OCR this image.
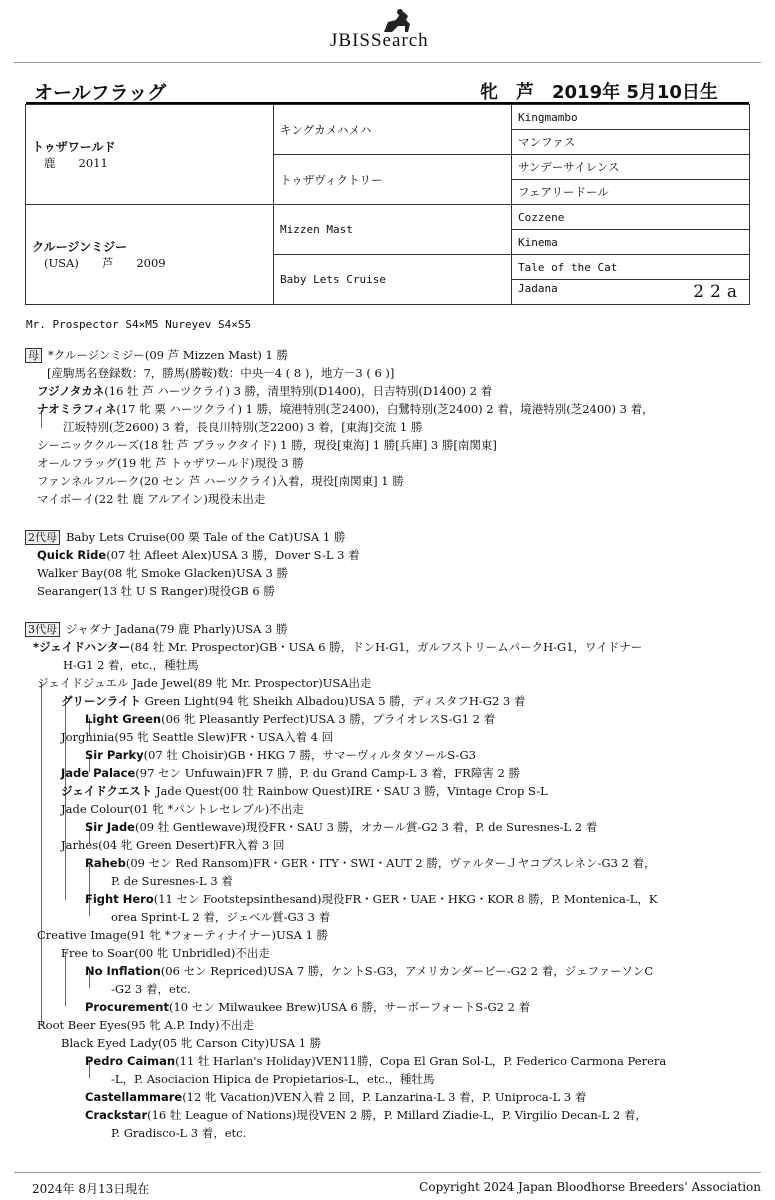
JBISSearch
オールフラッグ	牝 芦 2019年 5月10日生
トゥザワールド
鹿　　2011	キングカメハメハ	Kingmambo
		マンファス
	トゥザヴィクトリー	サンデーサイレンス
		フェアリードール

クルージンミジー
(USA)　　芦　　2009	Mizzen Mast	Cozzene
		Kinema
	Baby Lets Cruise	Tale of the Cat
		Jadana 22a
Mr. Prospector S4×M5 Nureyev S4×S5
母 *クルージンミジー(09 芦 Mizzen Mast) 1 勝
[産駒馬名登録数：7，勝馬(勝鞍)数：中央－4 ( 8 )，地方－3 ( 6 )]
フジノタカネ(16 牡 芦 ハーツクライ) 3 勝，清里特別(D1400)，日吉特別(D1400) 2 着
ナオミラフィネ(17 牝 栗 ハーツクライ) 1 勝，境港特別(芝2400)，白鷺特別(芝2400) 2 着，境港特別(芝2400) 3 着，
江坂特別(芝2600) 3 着，長良川特別(芝2200) 3 着，[東海]交流 1 勝
シーニッククルーズ(18 牡 芦 ブラックタイド) 1 勝，現役[東海] 1 勝[兵庫] 3 勝[南関東]
オールフラッグ(19 牝 芦 トゥザワールド)現役 3 勝
ファンネルフルーク(20 セン 芦 ハーツクライ)入着，現役[南関東] 1 勝
マイボーイ(22 牡 鹿 アルアイン)現役未出走
2代母 Baby Lets Cruise(00 栗 Tale of the Cat)USA 1 勝
Quick Ride(07 牡 Afleet Alex)USA 3 勝，Dover S-L 3 着
Walker Bay(08 牝 Smoke Glacken)USA 3 勝
Searanger(13 牡 U S Ranger)現役GB 6 勝
3代母 ジャダナ Jadana(79 鹿 Pharly)USA 3 勝
*ジェイドハンター(84 牡 Mr. Prospector)GB・USA 6 勝，ドンH-G1，ガルフストリームパークH-G1，ワイドナー
H-G1 2 着，etc.，種牡馬
ジェイドジュエル Jade Jewel(89 牝 Mr. Prospector)USA出走
グリーンライト Green Light(94 牝 Sheikh Albadou)USA 5 勝，ディスタフH-G2 3 着
Light Green(06 牝 Pleasantly Perfect)USA 3 勝，プライオレスS-G1 2 着
Jorghinia(95 牝 Seattle Slew)FR・USA入着 4 回
Sir Parky(07 牡 Choisir)GB・HKG 7 勝，サマーヴィルタタソールS-G3
Jade Palace(97 セン Unfuwain)FR 7 勝，P. du Grand Camp-L 3 着，FR障害 2 勝
ジェイドクエスト Jade Quest(00 牡 Rainbow Quest)IRE・SAU 3 勝，Vintage Crop S-L
Jade Colour(01 牝 *パントレセレブル)不出走
Sir Jade(09 牡 Gentlewave)現役FR・SAU 3 勝，オカール賞-G2 3 着，P. de Suresnes-L 2 着
Jarhes(04 牝 Green Desert)FR入着 3 回
Raheb(09 セン Red Ransom)FR・GER・ITY・SWI・AUT 2 勝，ヴァルターＪヤコブスレネン-G3 2 着，
P. de Suresnes-L 3 着
Fight Hero(11 セン Footstepsinthesand)現役FR・GER・UAE・HKG・KOR 8 勝，P. Montenica-L，K
orea Sprint-L 2 着，ジェベル賞-G3 3 着
Creative Image(91 牝 *フォーティナイナー)USA 1 勝
Free to Soar(00 牝 Unbridled)不出走
No Inflation(06 セン Repriced)USA 7 勝，ケントS-G3，アメリカンダービー-G2 2 着，ジェファーソンC
-G2 3 着，etc.
Procurement(10 セン Milwaukee Brew)USA 6 勝，サーボーフォートS-G2 2 着
Root Beer Eyes(95 牝 A.P. Indy)不出走
Black Eyed Lady(05 牝 Carson City)USA 1 勝
Pedro Caiman(11 牡 Harlan's Holiday)VEN11勝，Copa El Gran Sol-L，P. Federico Carmona Perera
-L，P. Asociacion Hipica de Propietarios-L，etc.，種牡馬
Castellammare(12 牝 Vacation)VEN入着 2 回，P. Lanzarina-L 3 着，P. Uniproca-L 3 着
Crackstar(16 牡 League of Nations)現役VEN 2 勝，P. Millard Ziadie-L，P. Virgilio Decan-L 2 着，
P. Gradisco-L 3 着，etc.
2024年 8月13日現在	Copyright 2024 Japan Bloodhorse Breeders' Association
